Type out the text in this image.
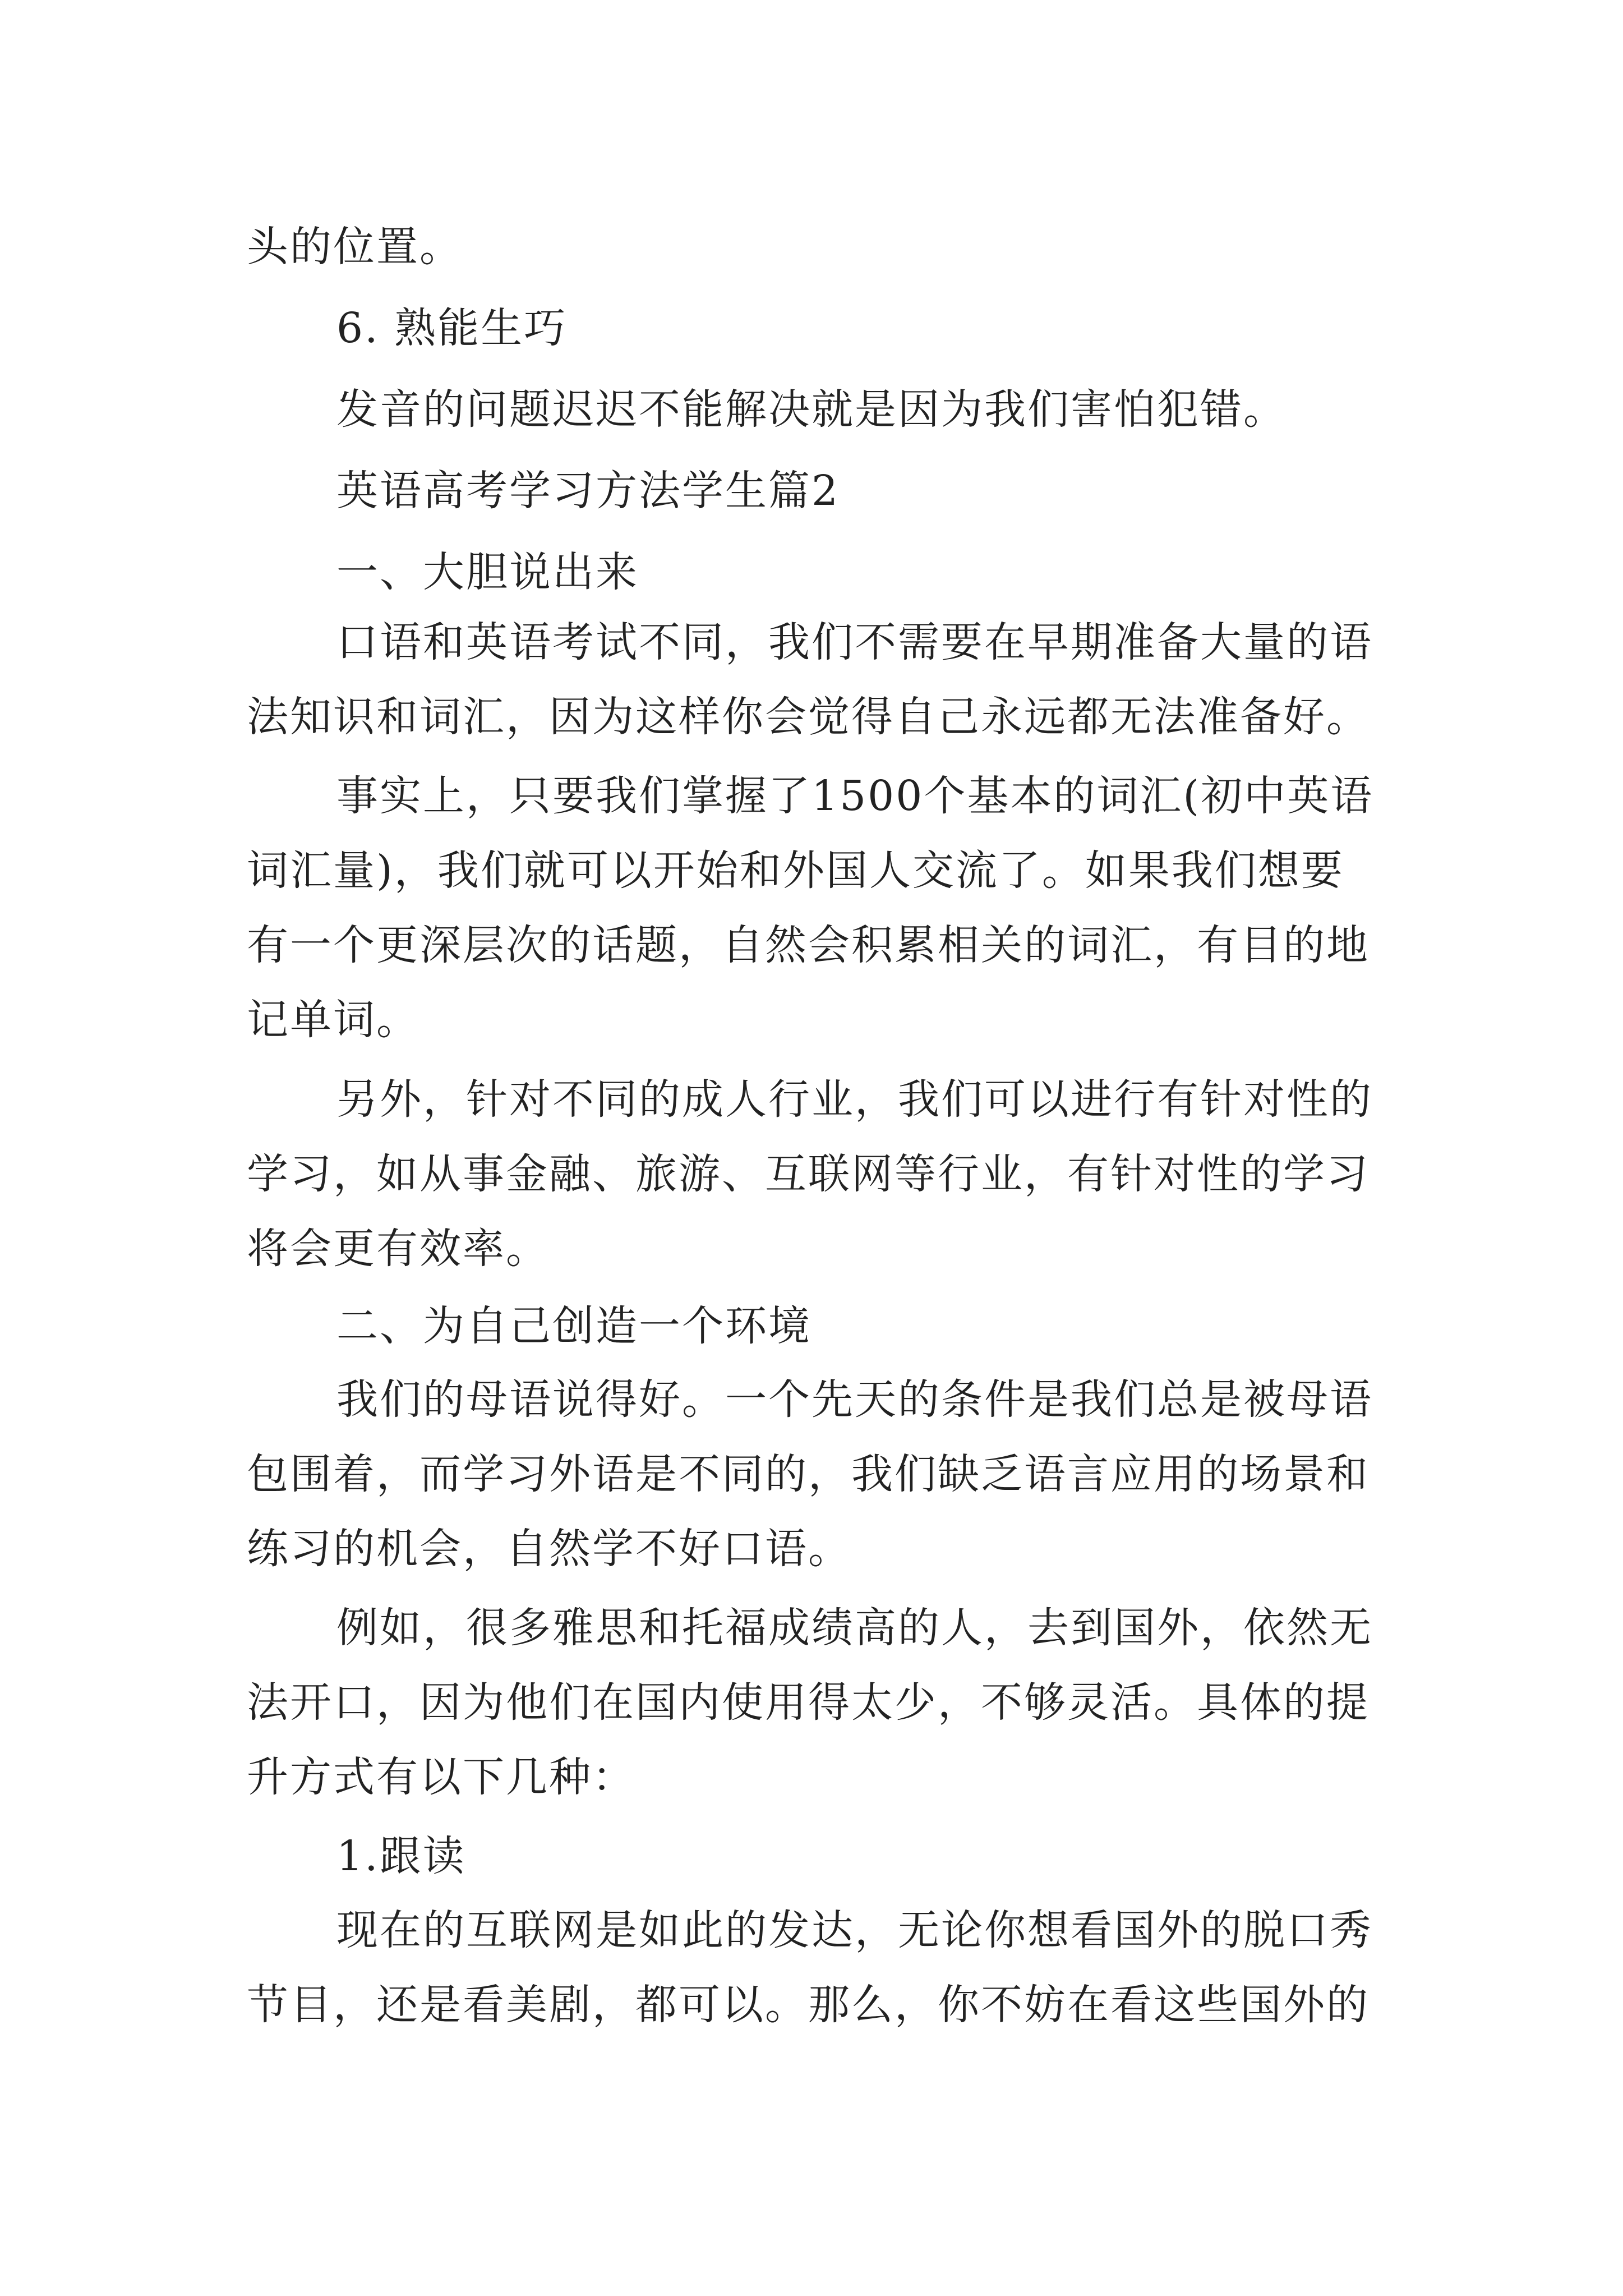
头的位置。
6. 熟能生巧
发音的问题迟迟不能解决就是因为我们害怕犯错。
英语高考学习方法学生篇2
一、大胆说出来
口语和英语考试不同，我们不需要在早期准备大量的语
法知识和词汇，因为这样你会觉得自己永远都无法准备好。
事实上，只要我们掌握了1500个基本的词汇(初中英语
词汇量)，我们就可以开始和外国人交流了。如果我们想要
有一个更深层次的话题，自然会积累相关的词汇，有目的地
记单词。
另外，针对不同的成人行业，我们可以进行有针对性的
学习，如从事金融、旅游、互联网等行业，有针对性的学习
将会更有效率。
二、为自己创造一个环境
我们的母语说得好。一个先天的条件是我们总是被母语
包围着，而学习外语是不同的，我们缺乏语言应用的场景和
练习的机会，自然学不好口语。
例如，很多雅思和托福成绩高的人，去到国外，依然无
法开口，因为他们在国内使用得太少，不够灵活。具体的提
升方式有以下几种：
1.跟读
现在的互联网是如此的发达，无论你想看国外的脱口秀
节目，还是看美剧，都可以。那么，你不妨在看这些国外的
